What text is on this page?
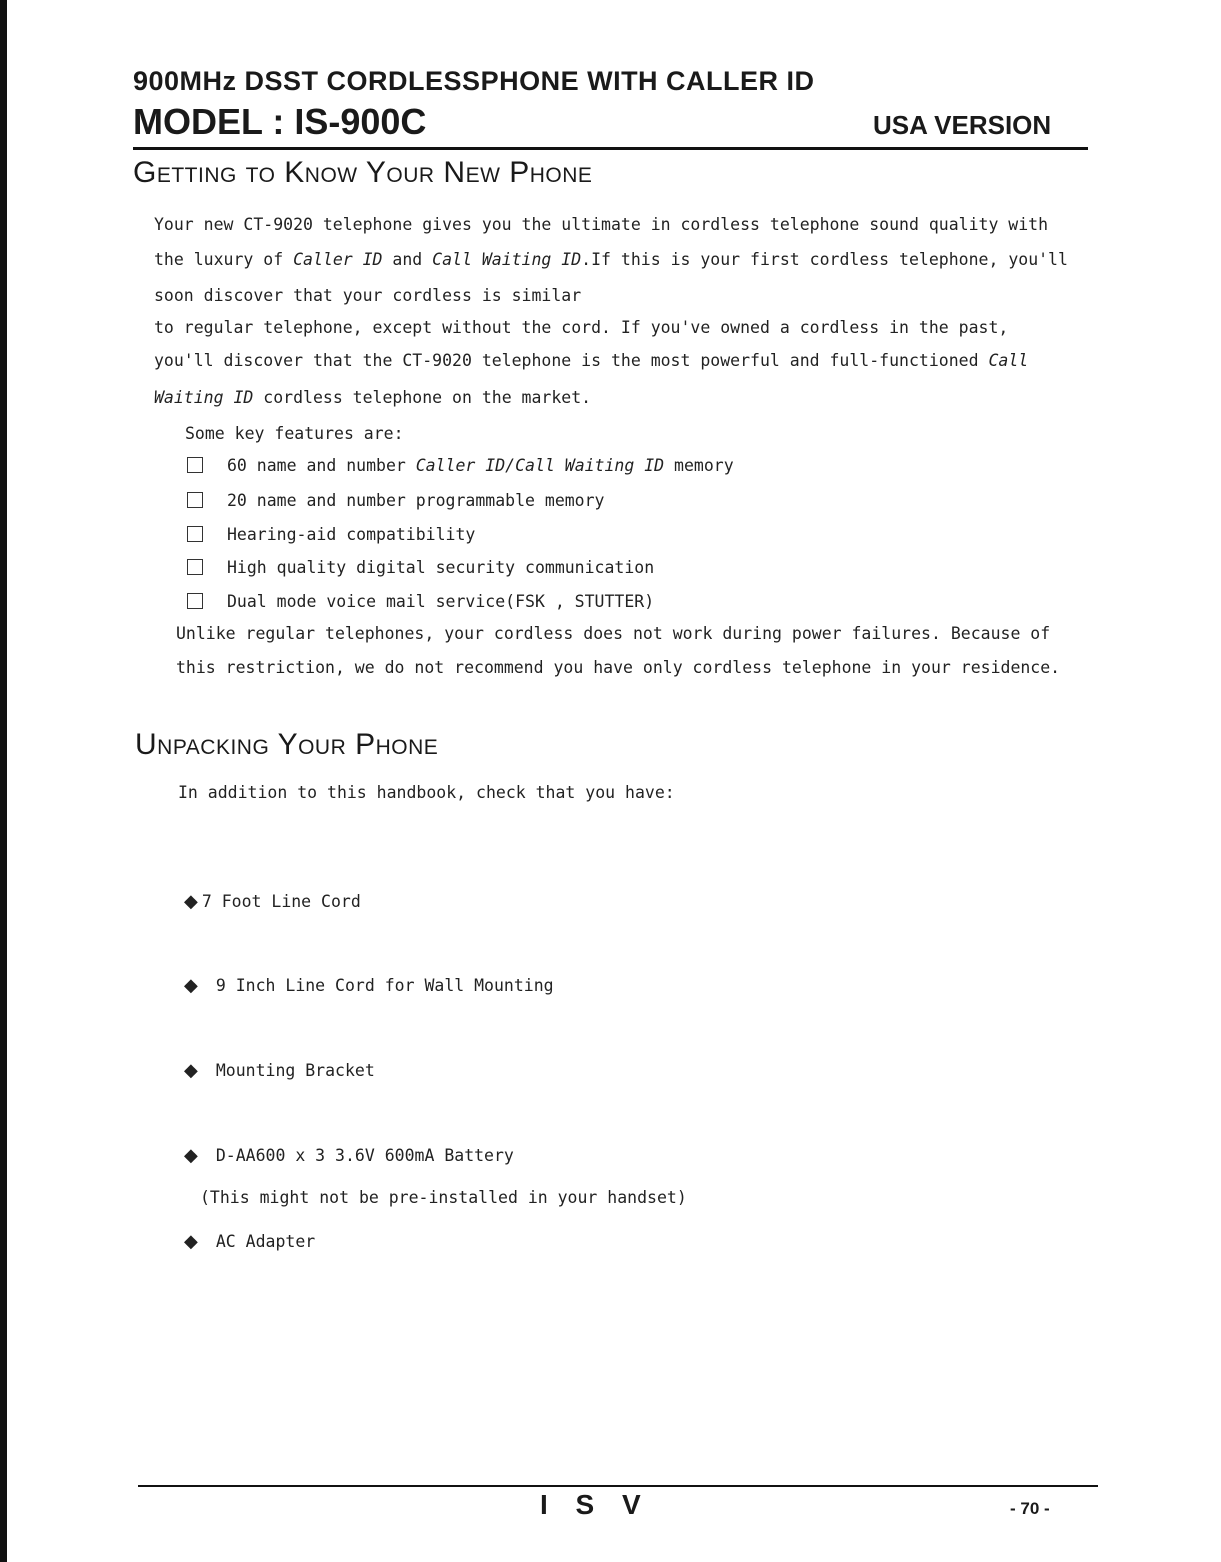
900MHz DSST CORDLESSPHONE WITH CALLER ID
MODEL : IS-900C	USA VERSION
Getting to Know Your New Phone
Your new CT-9020 telephone gives you the ultimate in cordless telephone sound quality with
the luxury of Caller ID and Call Waiting ID.If this is your first cordless telephone, you'll
soon discover that your cordless is similar
to regular telephone, except without the cord. If you've owned a cordless in the past,
you'll discover that the CT-9020 telephone is the most powerful and full-functioned Call
Waiting ID cordless telephone on the market.
Some key features are:
60 name and number Caller ID/Call Waiting ID memory
20 name and number programmable memory
Hearing-aid compatibility
High quality digital security communication
Dual mode voice mail service(FSK , STUTTER)
Unlike regular telephones, your cordless does not work during power failures. Because of
this restriction, we do not recommend you have only cordless telephone in your residence.
Unpacking Your Phone
In addition to this handbook, check that you have:
◆ 7 Foot Line Cord
◆ 9 Inch Line Cord for Wall Mounting
◆ Mounting Bracket
◆ D-AA600 x 3 3.6V 600mA Battery
(This might not be pre-installed in your handset)
◆ AC Adapter
I S V	- 70 -
